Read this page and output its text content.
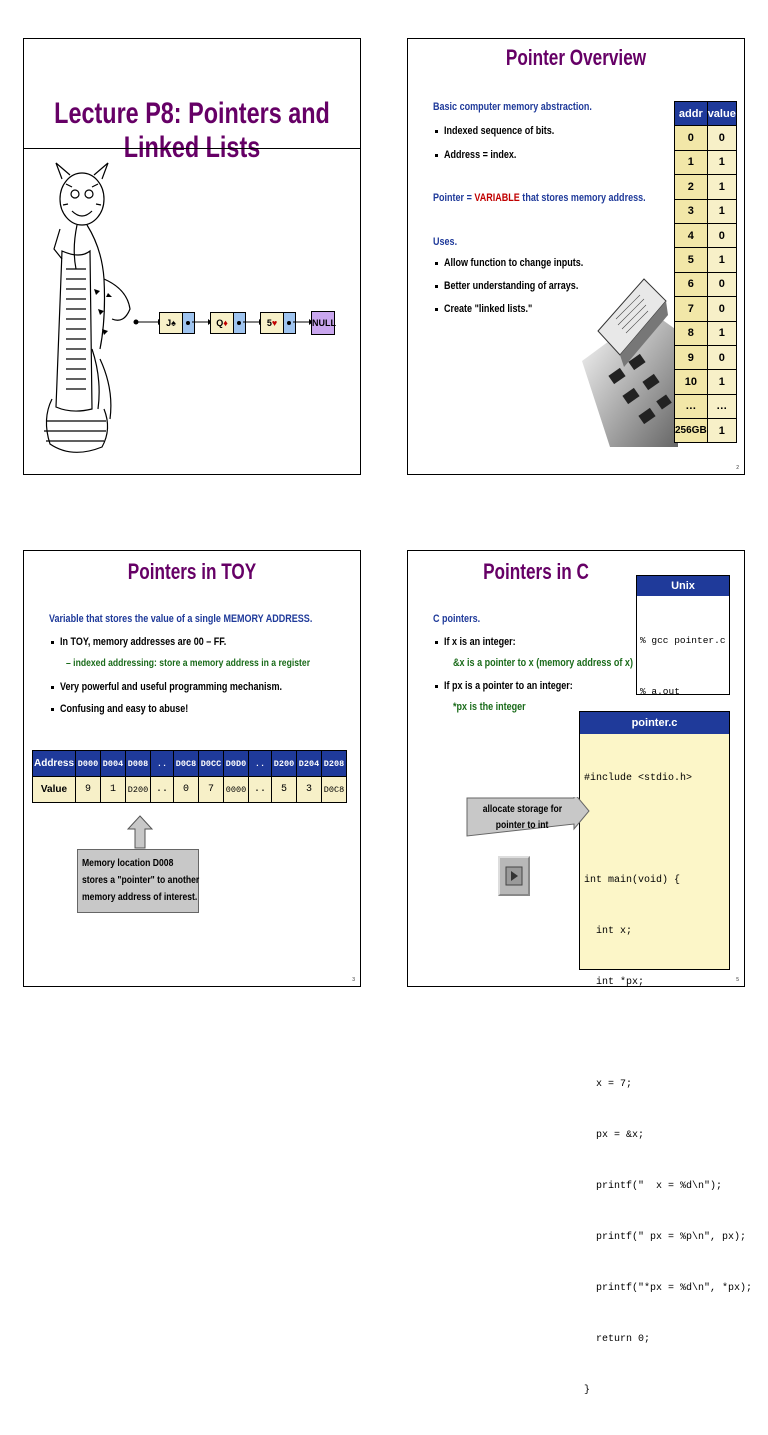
Lecture P8: Pointers and Linked Lists
J♠	Q♦	5♥	NULL
Pointer Overview
Basic computer memory abstraction.
Indexed sequence of bits.
Address = index.
Pointer = VARIABLE that stores memory address.
Uses.
Allow function to change inputs.
Better understanding of arrays.
Create "linked lists."
addr	value
0	0
1	1
2	1
3	1
4	0
5	1
6	0
7	0
8	1
9	0
10	1
…	…
256GB	1
2
Pointers in TOY
Variable that stores the value of a single MEMORY ADDRESS.
In TOY, memory addresses are 00 – FF.
– indexed addressing: store a memory address in a register
Very powerful and useful programming mechanism.
Confusing and easy to abuse!
Address	D000	D004	D008	..	D0C8	D0CC	D0D0	..	D200	D204	D208
Value	9	1	D200	..	0	7	0000	..	5	3	D0C8
Memory location D008
stores a "pointer" to another
memory address of interest.
3
Pointers in C
C pointers.
If x is an integer:
&x is a pointer to x (memory address of x)
If px is a pointer to an integer:
*px is the integer
Unix

% gcc pointer.c

% a.out

pointer.c

#include <stdio.h>

int main(void) {

int x;

int *px;

x = 7;

px = &x;

printf("  x = %d\n");

printf(" px = %p\n", px);

printf("*px = %d\n", *px);

return 0;

}

allocate storage for
pointer to int
5
